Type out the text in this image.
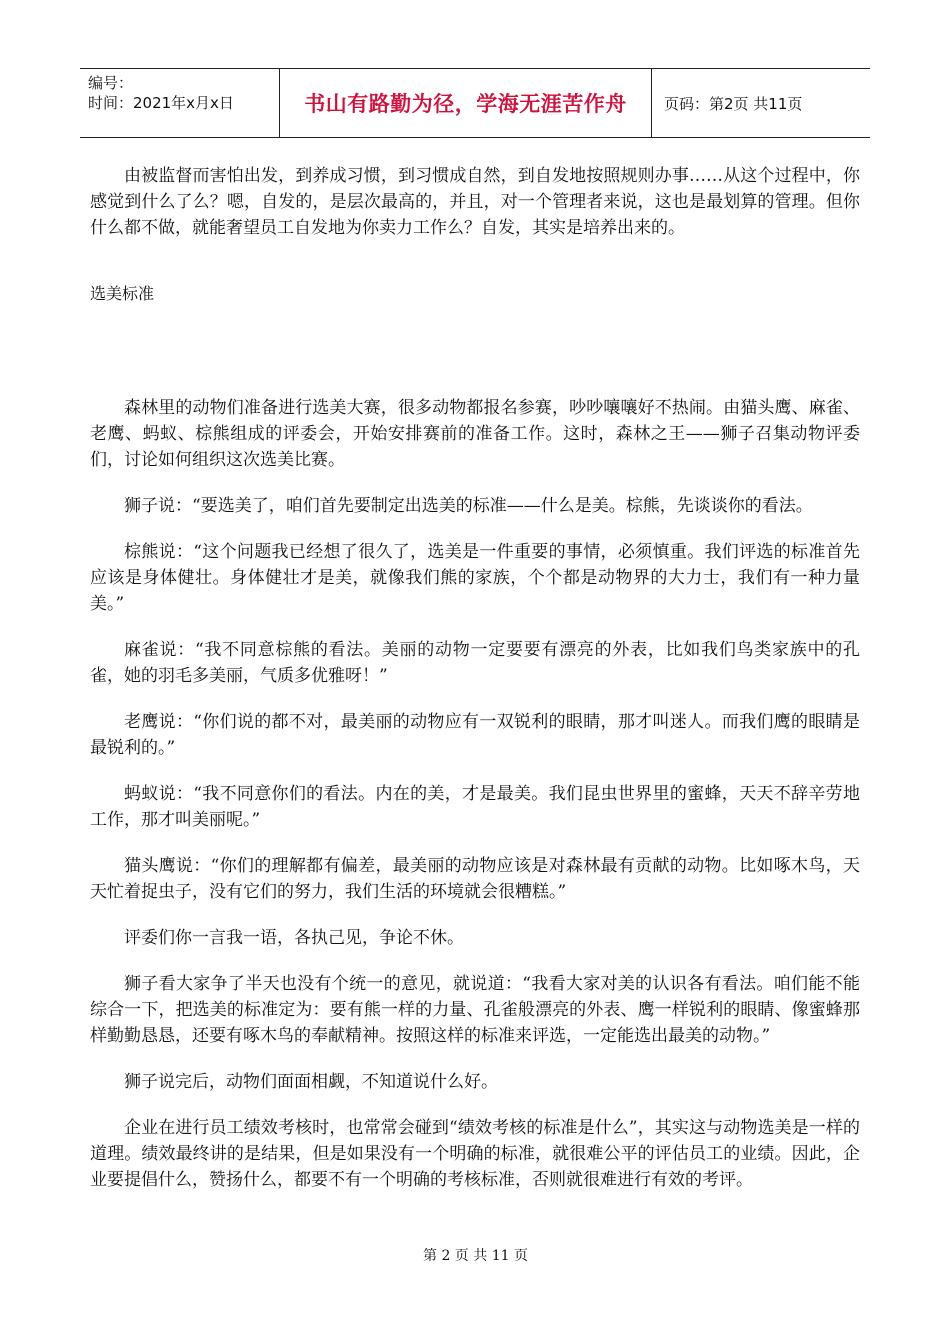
编号：
时间：2021年x月x日	书山有路勤为径，学海无涯苦作舟	页码：第2页 共11页

由被监督而害怕出发，到养成习惯，到习惯成自然，到自发地按照规则办事……从这个过程中，你感觉到什么了么？嗯，自发的，是层次最高的，并且，对一个管理者来说，这也是最划算的管理。但你什么都不做，就能奢望员工自发地为你卖力工作么？自发，其实是培养出来的。

选美标准

森林里的动物们准备进行选美大赛，很多动物都报名参赛，吵吵嚷嚷好不热闹。由猫头鹰、麻雀、老鹰、蚂蚁、棕熊组成的评委会，开始安排赛前的准备工作。这时，森林之王——狮子召集动物评委们，讨论如何组织这次选美比赛。

狮子说：“要选美了，咱们首先要制定出选美的标准——什么是美。棕熊，先谈谈你的看法。

棕熊说：“这个问题我已经想了很久了，选美是一件重要的事情，必须慎重。我们评选的标准首先应该是身体健壮。身体健壮才是美，就像我们熊的家族，个个都是动物界的大力士，我们有一种力量美。”

麻雀说：“我不同意棕熊的看法。美丽的动物一定要要有漂亮的外表，比如我们鸟类家族中的孔雀，她的羽毛多美丽，气质多优雅呀！”

老鹰说：“你们说的都不对，最美丽的动物应有一双锐利的眼睛，那才叫迷人。而我们鹰的眼睛是最锐利的。”

蚂蚁说：“我不同意你们的看法。内在的美，才是最美。我们昆虫世界里的蜜蜂，天天不辞辛劳地工作，那才叫美丽呢。”

猫头鹰说：“你们的理解都有偏差，最美丽的动物应该是对森林最有贡献的动物。比如啄木鸟，天天忙着捉虫子，没有它们的努力，我们生活的环境就会很糟糕。”

评委们你一言我一语，各执己见，争论不休。

狮子看大家争了半天也没有个统一的意见，就说道：“我看大家对美的认识各有看法。咱们能不能综合一下，把选美的标准定为：要有熊一样的力量、孔雀般漂亮的外表、鹰一样锐利的眼睛、像蜜蜂那样勤勤恳恳，还要有啄木鸟的奉献精神。按照这样的标准来评选，一定能选出最美的动物。”

狮子说完后，动物们面面相觑，不知道说什么好。

企业在进行员工绩效考核时，也常常会碰到“绩效考核的标准是什么”，其实这与动物选美是一样的道理。绩效最终讲的是结果，但是如果没有一个明确的标准，就很难公平的评估员工的业绩。因此，企业要提倡什么，赞扬什么，都要不有一个明确的考核标准，否则就很难进行有效的考评。

第 2 页 共 11 页
